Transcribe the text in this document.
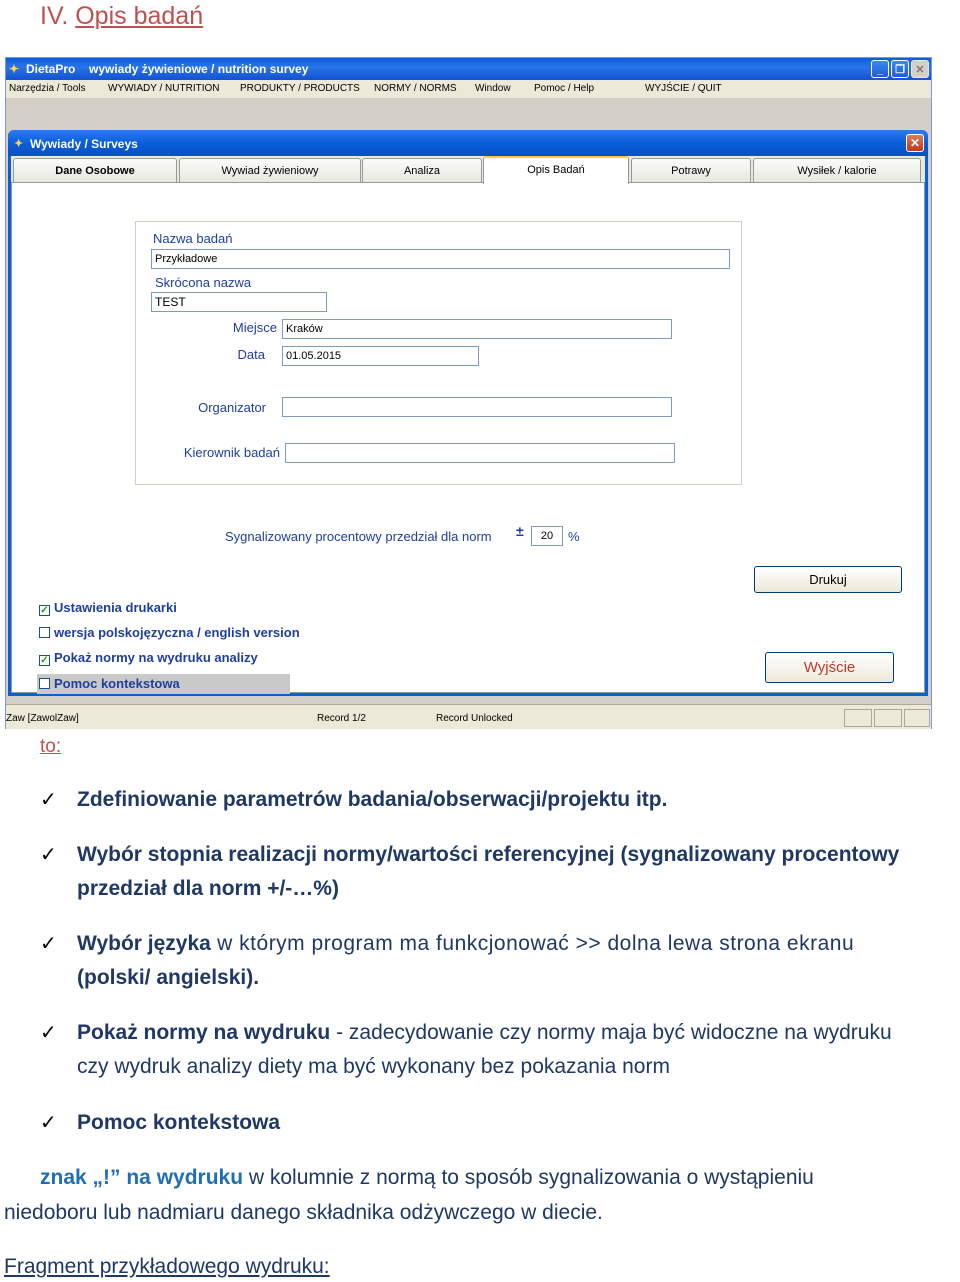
IV. Opis badań
✦ DietaPro wywiady żywieniowe / nutrition survey	_	❐ ✕
Narzędzia / Tools WYWIADY / NUTRITION PRODUKTY / PRODUCTS NORMY / NORMS Window Pomoc / Help	WYJŚCIE / QUIT
✦ Wywiady / Surveys	✕
Dane Osobowe	Wywiad żywieniowy	Analiza	Opis Badań	Potrawy	Wysiłek / kalorie
Nazwa badań
Przykładowe
Skrócona nazwa
TEST
Miejsce Kraków
Data	01.05.2015
Organizator
Kierownik badań
Sygnalizowany procentowy przedział dla norm ±	20	%
Drukuj
Wyjście
✓ Ustawienia drukarki
wersja polskojęzyczna / english version
✓ Pokaż normy na wydruku analizy
Pomoc kontekstowa
Zaw [ZawolZaw]	Record 1/2	Record Unlocked
to:
✓ Zdefiniowanie parametrów badania/obserwacji/projektu itp.
✓ Wybór stopnia realizacji normy/wartości referencyjnej (sygnalizowany procentowy
przedział dla norm +/-…%)
✓ Wybór języka w którym program ma funkcjonować >> dolna lewa strona ekranu
(polski/ angielski).
✓ Pokaż normy na wydruku - zadecydowanie czy normy maja być widoczne na wydruku
czy wydruk analizy diety ma być wykonany bez pokazania norm
✓ Pomoc kontekstowa
znak „!” na wydruku w kolumnie z normą to sposób sygnalizowania o wystąpieniu
niedoboru lub nadmiaru danego składnika odżywczego w diecie.
Fragment przykładowego wydruku:
